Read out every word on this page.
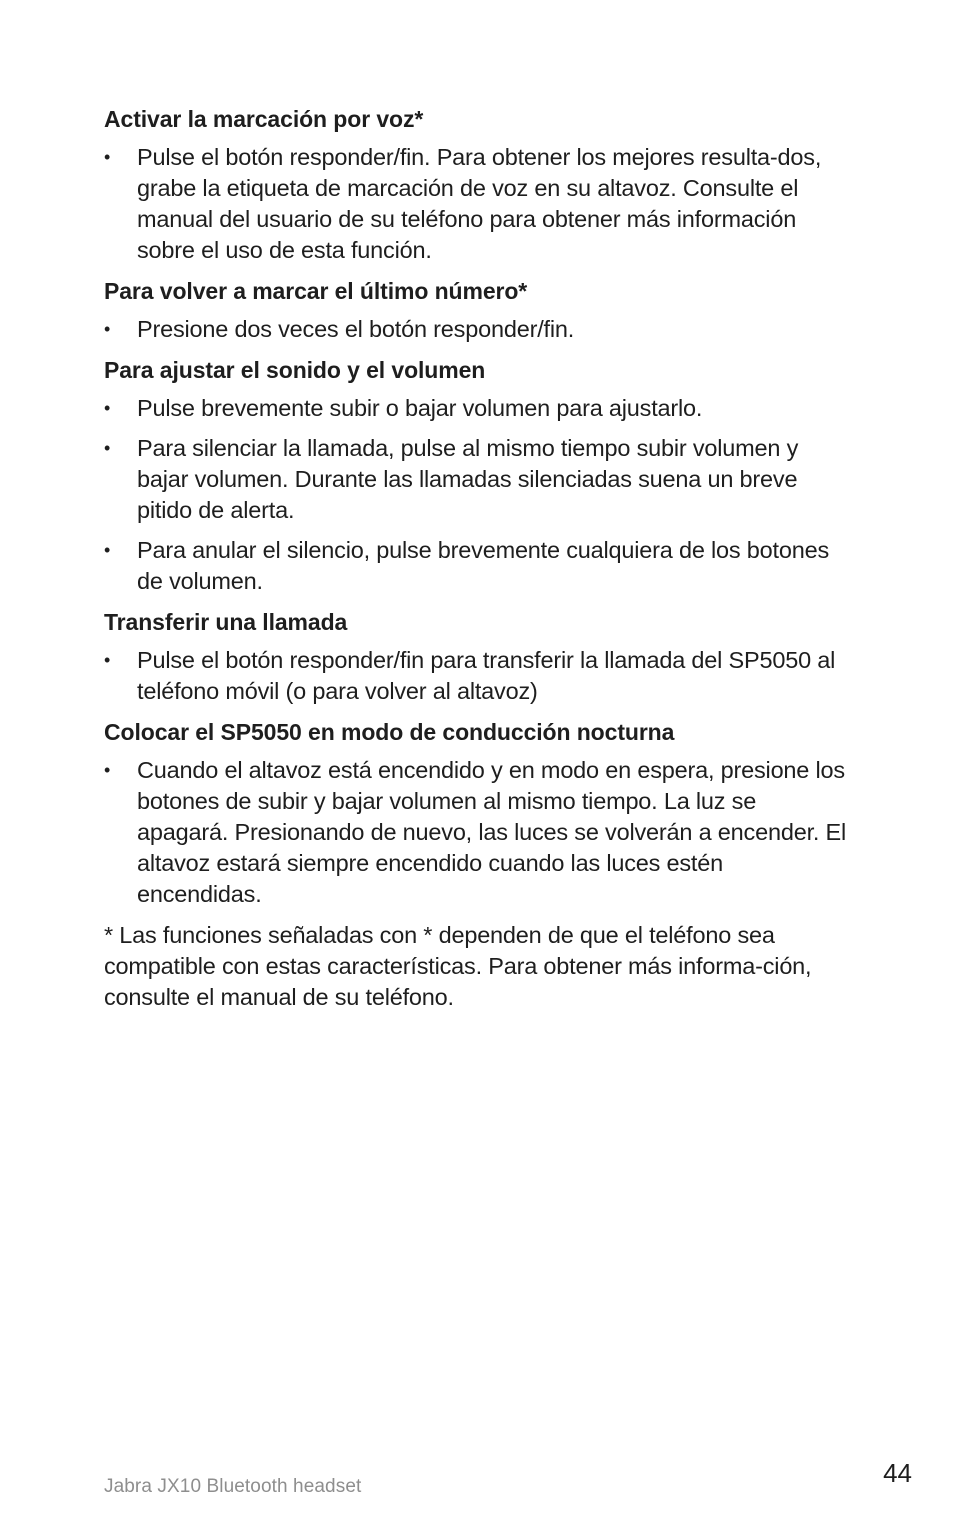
Activar la marcación por voz*
• Pulse el botón responder/fin. Para obtener los mejores resulta-dos, grabe la etiqueta de marcación de voz en su altavoz. Consulte el manual del usuario de su teléfono para obtener más información sobre el uso de esta función.
Para volver a marcar el último número*
• Presione dos veces el botón responder/fin.
Para ajustar el sonido y el volumen
• Pulse brevemente subir o bajar volumen para ajustarlo.
• Para silenciar la llamada, pulse al mismo tiempo subir volumen y bajar volumen. Durante las llamadas silenciadas suena un breve pitido de alerta.
• Para anular el silencio, pulse brevemente cualquiera de los botones de volumen.
Transferir una llamada
• Pulse el botón responder/fin para transferir la llamada del SP5050 al teléfono móvil (o para volver al altavoz)
Colocar el SP5050 en modo de conducción nocturna
• Cuando el altavoz está encendido y en modo en espera, presione los botones de subir y bajar volumen al mismo tiempo. La luz se apagará. Presionando de nuevo, las luces se volverán a encender. El altavoz estará siempre encendido cuando las luces estén encendidas.

* Las funciones señaladas con * dependen de que el teléfono sea compatible con estas características. Para obtener más informa-ción, consulte el manual de su teléfono.

Jabra JX10 Bluetooth headset	44
